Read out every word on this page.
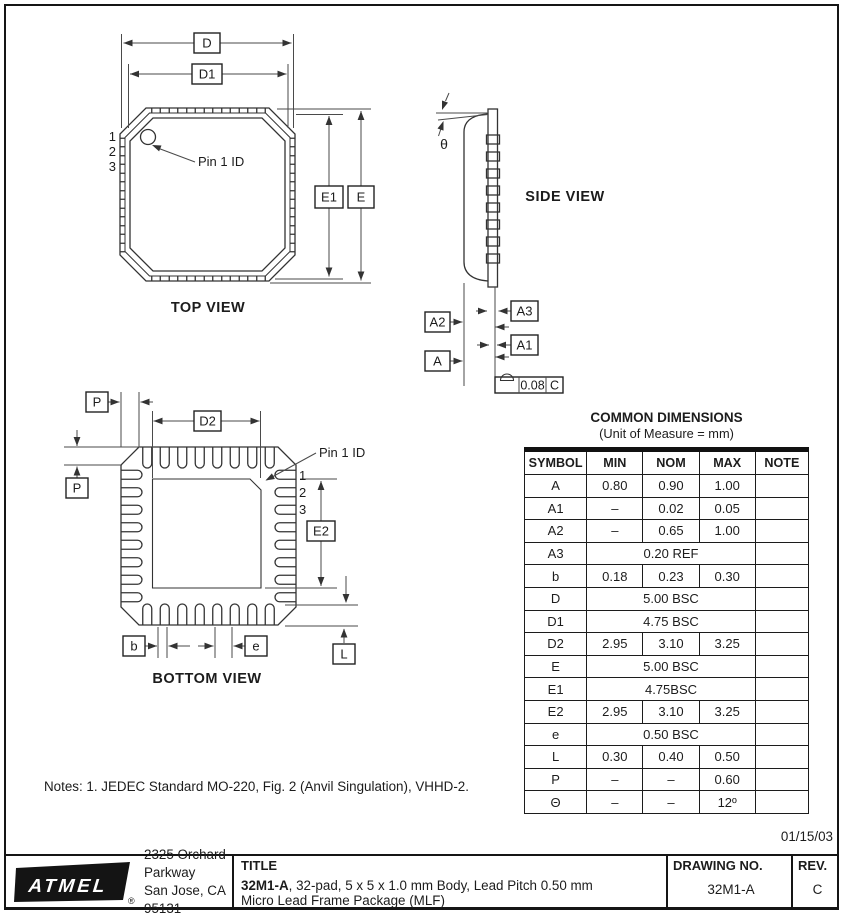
1
2
3	Pin 1 ID
D
D1
E1 E
TOP VIEW
θ
A3
A2
A1
A
0.08 C
SIDE VIEW
Pin 1 ID
1
2
3
P
P
D2
E2
b	e
L
BOTTOM VIEW
COMMON DIMENSIONS
(Unit of Measure = mm)
SYMBOL	MIN	NOM	MAX	NOTE
A	0.80	0.90	1.00	
A1	–	0.02	0.05	
A2	–	0.65	1.00	
A3	0.20 REF			
b	0.18	0.23	0.30	
D	5.00 BSC			
D1	4.75 BSC			
D2	2.95	3.10	3.25	
E	5.00 BSC			
E1	4.75BSC			
E2	2.95	3.10	3.25	
e	0.50 BSC			
L	0.30	0.40	0.50	
P	–	–	0.60	
Θ	–	–	12º	
Notes: 1. JEDEC Standard MO-220, Fig. 2 (Anvil Singulation), VHHD-2.
01/15/03
ATMEL
®
2325 Orchard Parkway
San Jose, CA 95131
TITLE
32M1-A, 32-pad, 5 x 5 x 1.0 mm Body, Lead Pitch 0.50 mm
Micro Lead Frame Package (MLF)
DRAWING NO.
32M1-A
REV.
C
